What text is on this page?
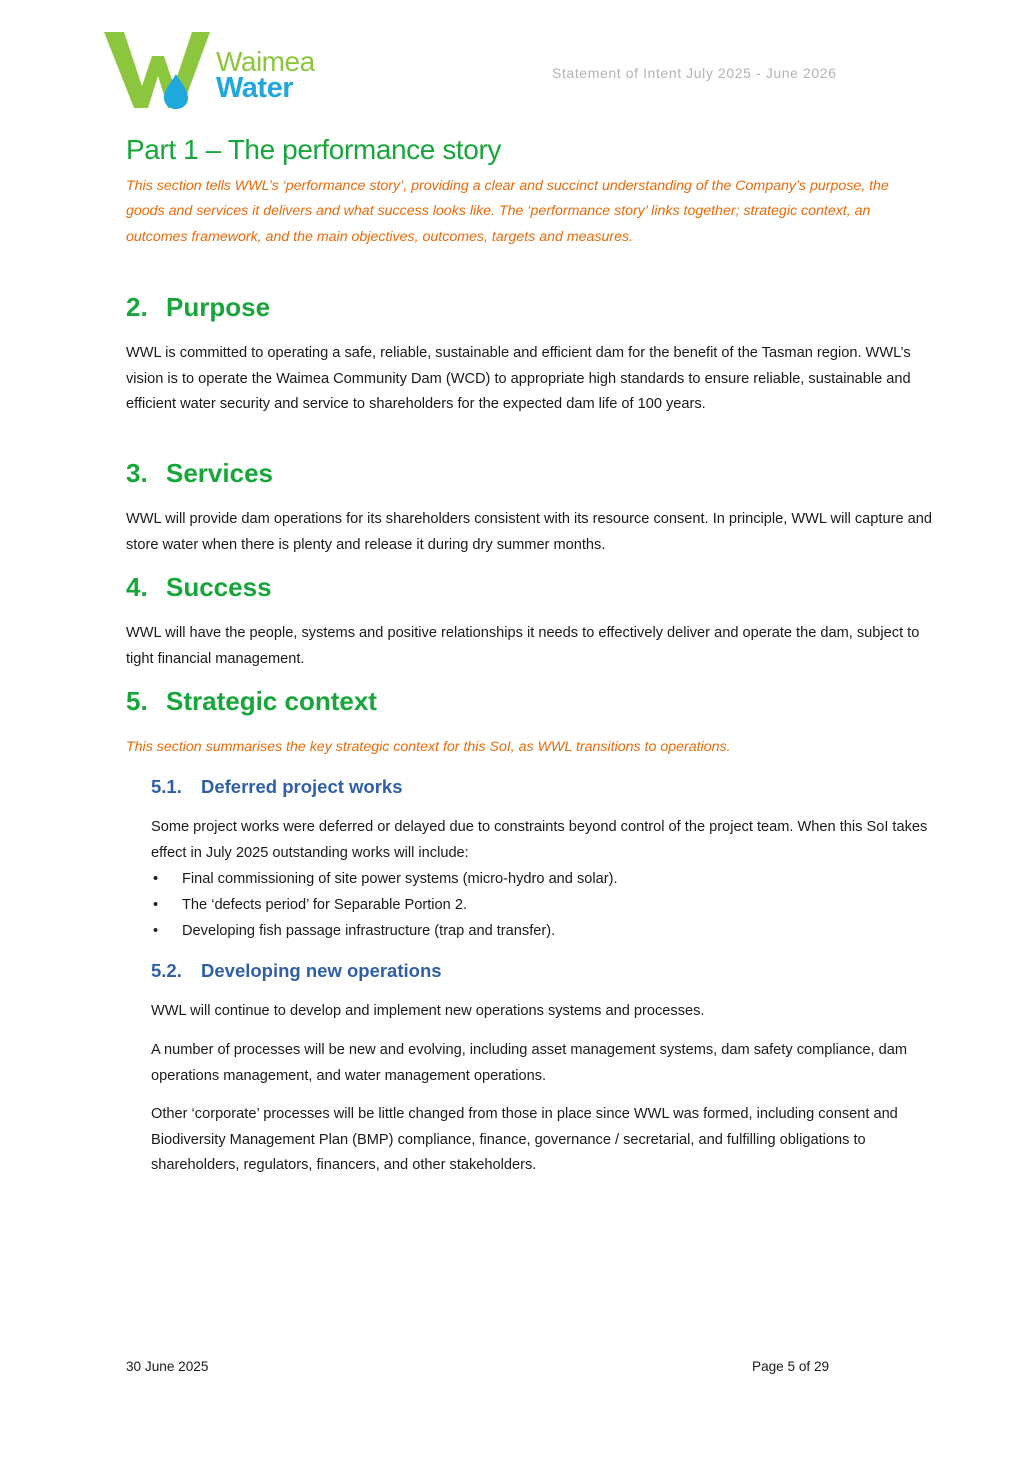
Waimea
Water	Statement of Intent July 2025 - June 2026
Part 1 – The performance story

This section tells WWL’s ‘performance story’, providing a clear and succinct understanding of the Company’s purpose, the goods and services it delivers and what success looks like. The ‘performance story’ links together; strategic context, an outcomes framework, and the main objectives, outcomes, targets and measures.

2. Purpose

WWL is committed to operating a safe, reliable, sustainable and efficient dam for the benefit of the Tasman region. WWL’s vision is to operate the Waimea Community Dam (WCD) to appropriate high standards to ensure reliable, sustainable and efficient water security and service to shareholders for the expected dam life of 100 years.

3. Services

WWL will provide dam operations for its shareholders consistent with its resource consent. In principle, WWL will capture and store water when there is plenty and release it during dry summer months.

4. Success

WWL will have the people, systems and positive relationships it needs to effectively deliver and operate the dam, subject to tight financial management.

5. Strategic context

This section summarises the key strategic context for this SoI, as WWL transitions to operations.

5.1. Deferred project works

Some project works were deferred or delayed due to constraints beyond control of the project team. When this SoI takes effect in July 2025 outstanding works will include:

• Final commissioning of site power systems (micro-hydro and solar).
• The ‘defects period’ for Separable Portion 2.
• Developing fish passage infrastructure (trap and transfer).
5.2. Developing new operations

WWL will continue to develop and implement new operations systems and processes.

A number of processes will be new and evolving, including asset management systems, dam safety compliance, dam operations management, and water management operations.

Other ‘corporate’ processes will be little changed from those in place since WWL was formed, including consent and Biodiversity Management Plan (BMP) compliance, finance, governance / secretarial, and fulfilling obligations to shareholders, regulators, financers, and other stakeholders.

30 June 2025	Page 5 of 29
